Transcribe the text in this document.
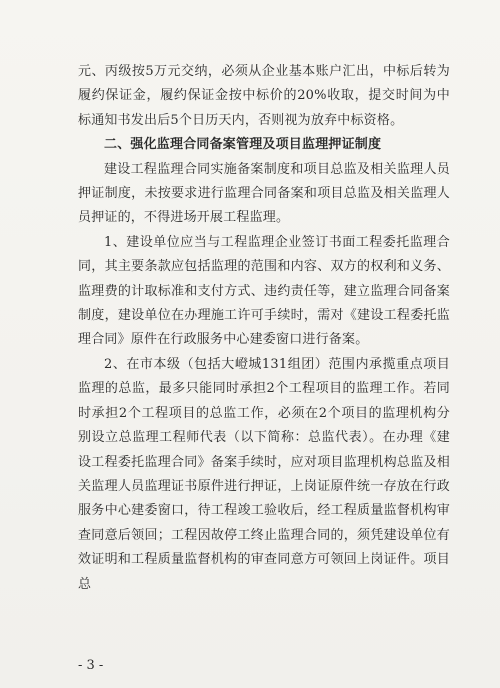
元、丙级按5万元交纳，必须从企业基本账户汇出，中标后转为履约保证金，履约保证金按中标价的20%收取，提交时间为中标通知书发出后5个日历天内，否则视为放弃中标资格。

二、强化监理合同备案管理及项目监理押证制度

建设工程监理合同实施备案制度和项目总监及相关监理人员押证制度，未按要求进行监理合同备案和项目总监及相关监理人员押证的，不得进场开展工程监理。

1、建设单位应当与工程监理企业签订书面工程委托监理合同，其主要条款应包括监理的范围和内容、双方的权利和义务、监理费的计取标准和支付方式、违约责任等，建立监理合同备案制度，建设单位在办理施工许可手续时，需对《建设工程委托监理合同》原件在行政服务中心建委窗口进行备案。

2、在市本级（包括大嶝城131组团）范围内承揽重点项目监理的总监，最多只能同时承担2个工程项目的监理工作。若同时承担2个工程项目的总监工作，必须在2个项目的监理机构分别设立总监理工程师代表（以下简称：总监代表）。在办理《建设工程委托监理合同》备案手续时，应对项目监理机构总监及相关监理人员监理证书原件进行押证，上岗证原件统一存放在行政服务中心建委窗口，待工程竣工验收后，经工程质量监督机构审查同意后领回；工程因故停工终止监理合同的，须凭建设单位有效证明和工程质量监督机构的审查同意方可领回上岗证件。项目总

- 3 -
